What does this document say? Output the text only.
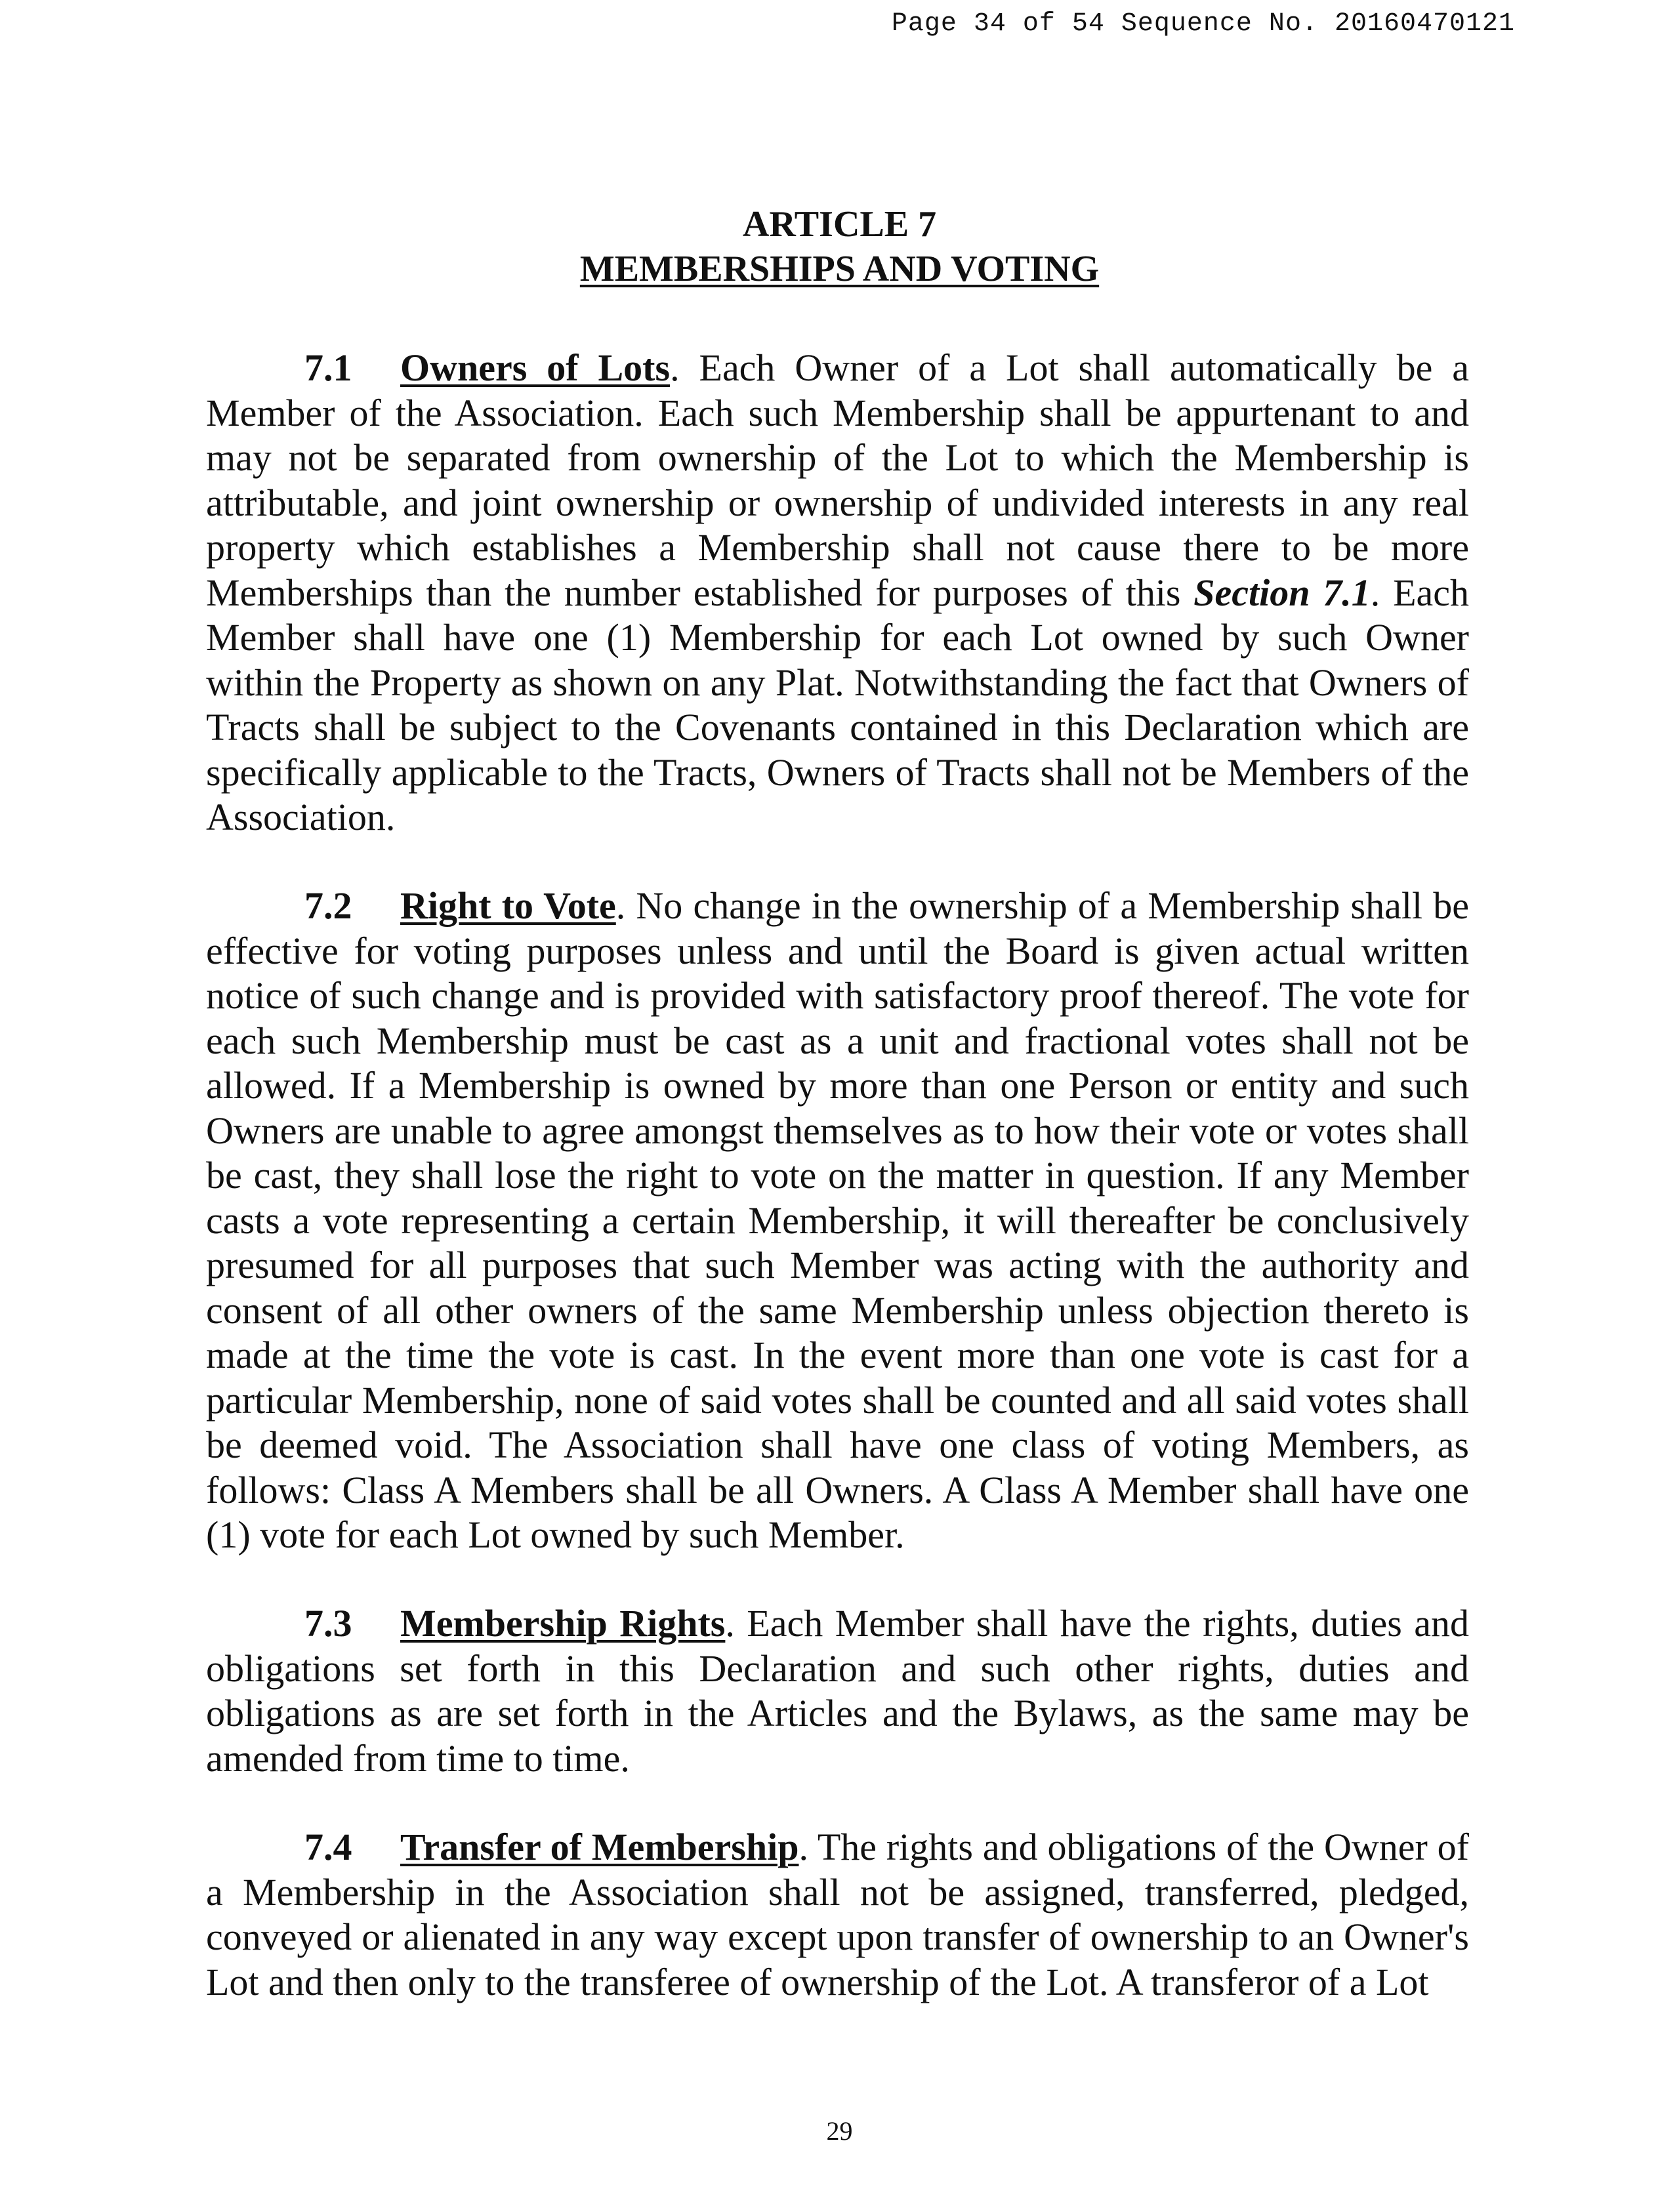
Page 34 of 54 Sequence No. 20160470121

ARTICLE 7

MEMBERSHIPS AND VOTING

7.1 Owners of Lots. Each Owner of a Lot shall automatically be a Member of the Association. Each such Membership shall be appurtenant to and may not be separated from ownership of the Lot to which the Membership is attributable, and joint ownership or ownership of undivided interests in any real property which establishes a Membership shall not cause there to be more Memberships than the number established for purposes of this Section 7.1. Each Member shall have one (1) Membership for each Lot owned by such Owner within the Property as shown on any Plat. Notwithstanding the fact that Owners of Tracts shall be subject to the Covenants contained in this Declaration which are specifically applicable to the Tracts, Owners of Tracts shall not be Members of the Association.

7.2 Right to Vote. No change in the ownership of a Membership shall be effective for voting purposes unless and until the Board is given actual written notice of such change and is provided with satisfactory proof thereof. The vote for each such Membership must be cast as a unit and fractional votes shall not be allowed. If a Membership is owned by more than one Person or entity and such Owners are unable to agree amongst themselves as to how their vote or votes shall be cast, they shall lose the right to vote on the matter in question. If any Member casts a vote representing a certain Membership, it will thereafter be conclusively presumed for all purposes that such Member was acting with the authority and consent of all other owners of the same Membership unless objection thereto is made at the time the vote is cast. In the event more than one vote is cast for a particular Membership, none of said votes shall be counted and all said votes shall be deemed void. The Association shall have one class of voting Members, as follows: Class A Members shall be all Owners. A Class A Member shall have one (1) vote for each Lot owned by such Member.

7.3 Membership Rights. Each Member shall have the rights, duties and obligations set forth in this Declaration and such other rights, duties and obligations as are set forth in the Articles and the Bylaws, as the same may be amended from time to time.

7.4 Transfer of Membership. The rights and obligations of the Owner of a Membership in the Association shall not be assigned, transferred, pledged, conveyed or alienated in any way except upon transfer of ownership to an Owner's Lot and then only to the transferee of ownership of the Lot. A transferor of a Lot

29
